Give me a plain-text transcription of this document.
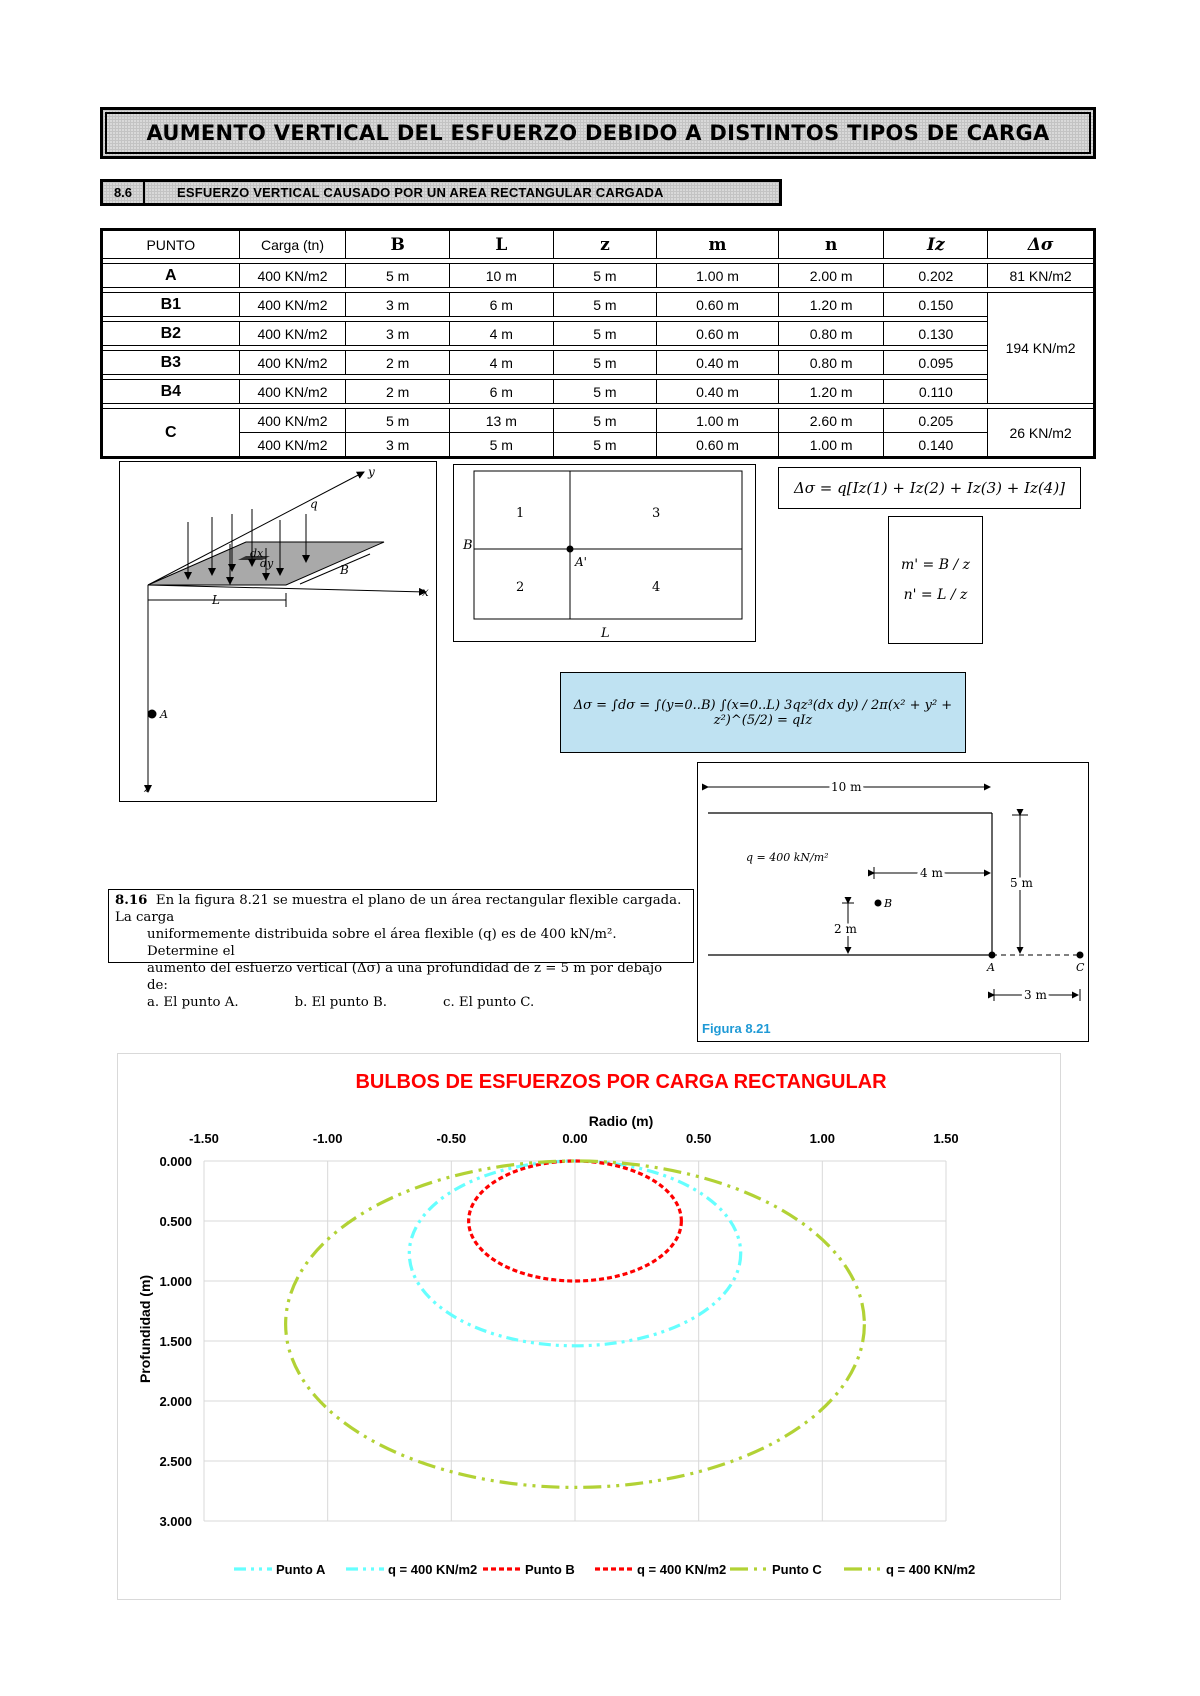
AUMENTO VERTICAL DEL ESFUERZO DEBIDO A DISTINTOS TIPOS DE CARGA
8.6	ESFUERZO VERTICAL CAUSADO POR UN AREA RECTANGULAR CARGADA
PUNTO	Carga (tn)	B	L	z	m	n	Iz	Δσ

A	400 KN/m2	5 m	10 m	5 m	1.00 m	2.00 m	0.202	81 KN/m2

B1	400 KN/m2	3 m	6 m	5 m	0.60 m	1.20 m	0.150	194 KN/m2

B2	400 KN/m2	3 m	4 m	5 m	0.60 m	0.80 m	0.130	

B3	400 KN/m2	2 m	4 m	5 m	0.40 m	0.80 m	0.095	

B4	400 KN/m2	2 m	6 m	5 m	0.40 m	1.20 m	0.110	

C	400 KN/m2	5 m	13 m	5 m	1.00 m	2.60 m	0.205	26 KN/m2
	400 KN/m2	3 m	5 m	5 m	0.60 m	1.00 m	0.140	
q
y
dx
dy	B
L
x
A
z
1	3
2	4
B
A'
L
Δσ = q[Iz(1) + Iz(2) + Iz(3) + Iz(4)]
m' = B / z
n' = L / z
Δσ = ∫dσ = ∫(y=0..B) ∫(x=0..L) 3qz³(dx dy) / 2π(x² + y² + z²)^(5/2) = qIz
10 m
q = 400 kN/m²
4 m
B
2 m
5 m
A	C
3 m
Figura 8.21
8.16 En la figura 8.21 se muestra el plano de un área rectangular flexible cargada. La carga
uniformemente distribuida sobre el área flexible (q) es de 400 kN/m². Determine el
aumento del esfuerzo vertical (Δσ) a una profundidad de z = 5 m por debajo de:
a. El punto A.	b. El punto B.	c. El punto C.
BULBOS DE ESFUERZOS POR CARGA RECTANGULAR
Radio (m)
Profundidad (m)
-1.50	-1.00	-0.50	0.00	0.50	1.00	1.50
0.000
0.500
1.000
1.500
2.000
2.500
3.000
Punto A	q = 400 KN/m2	Punto B	q = 400 KN/m2	Punto C	q = 400 KN/m2
